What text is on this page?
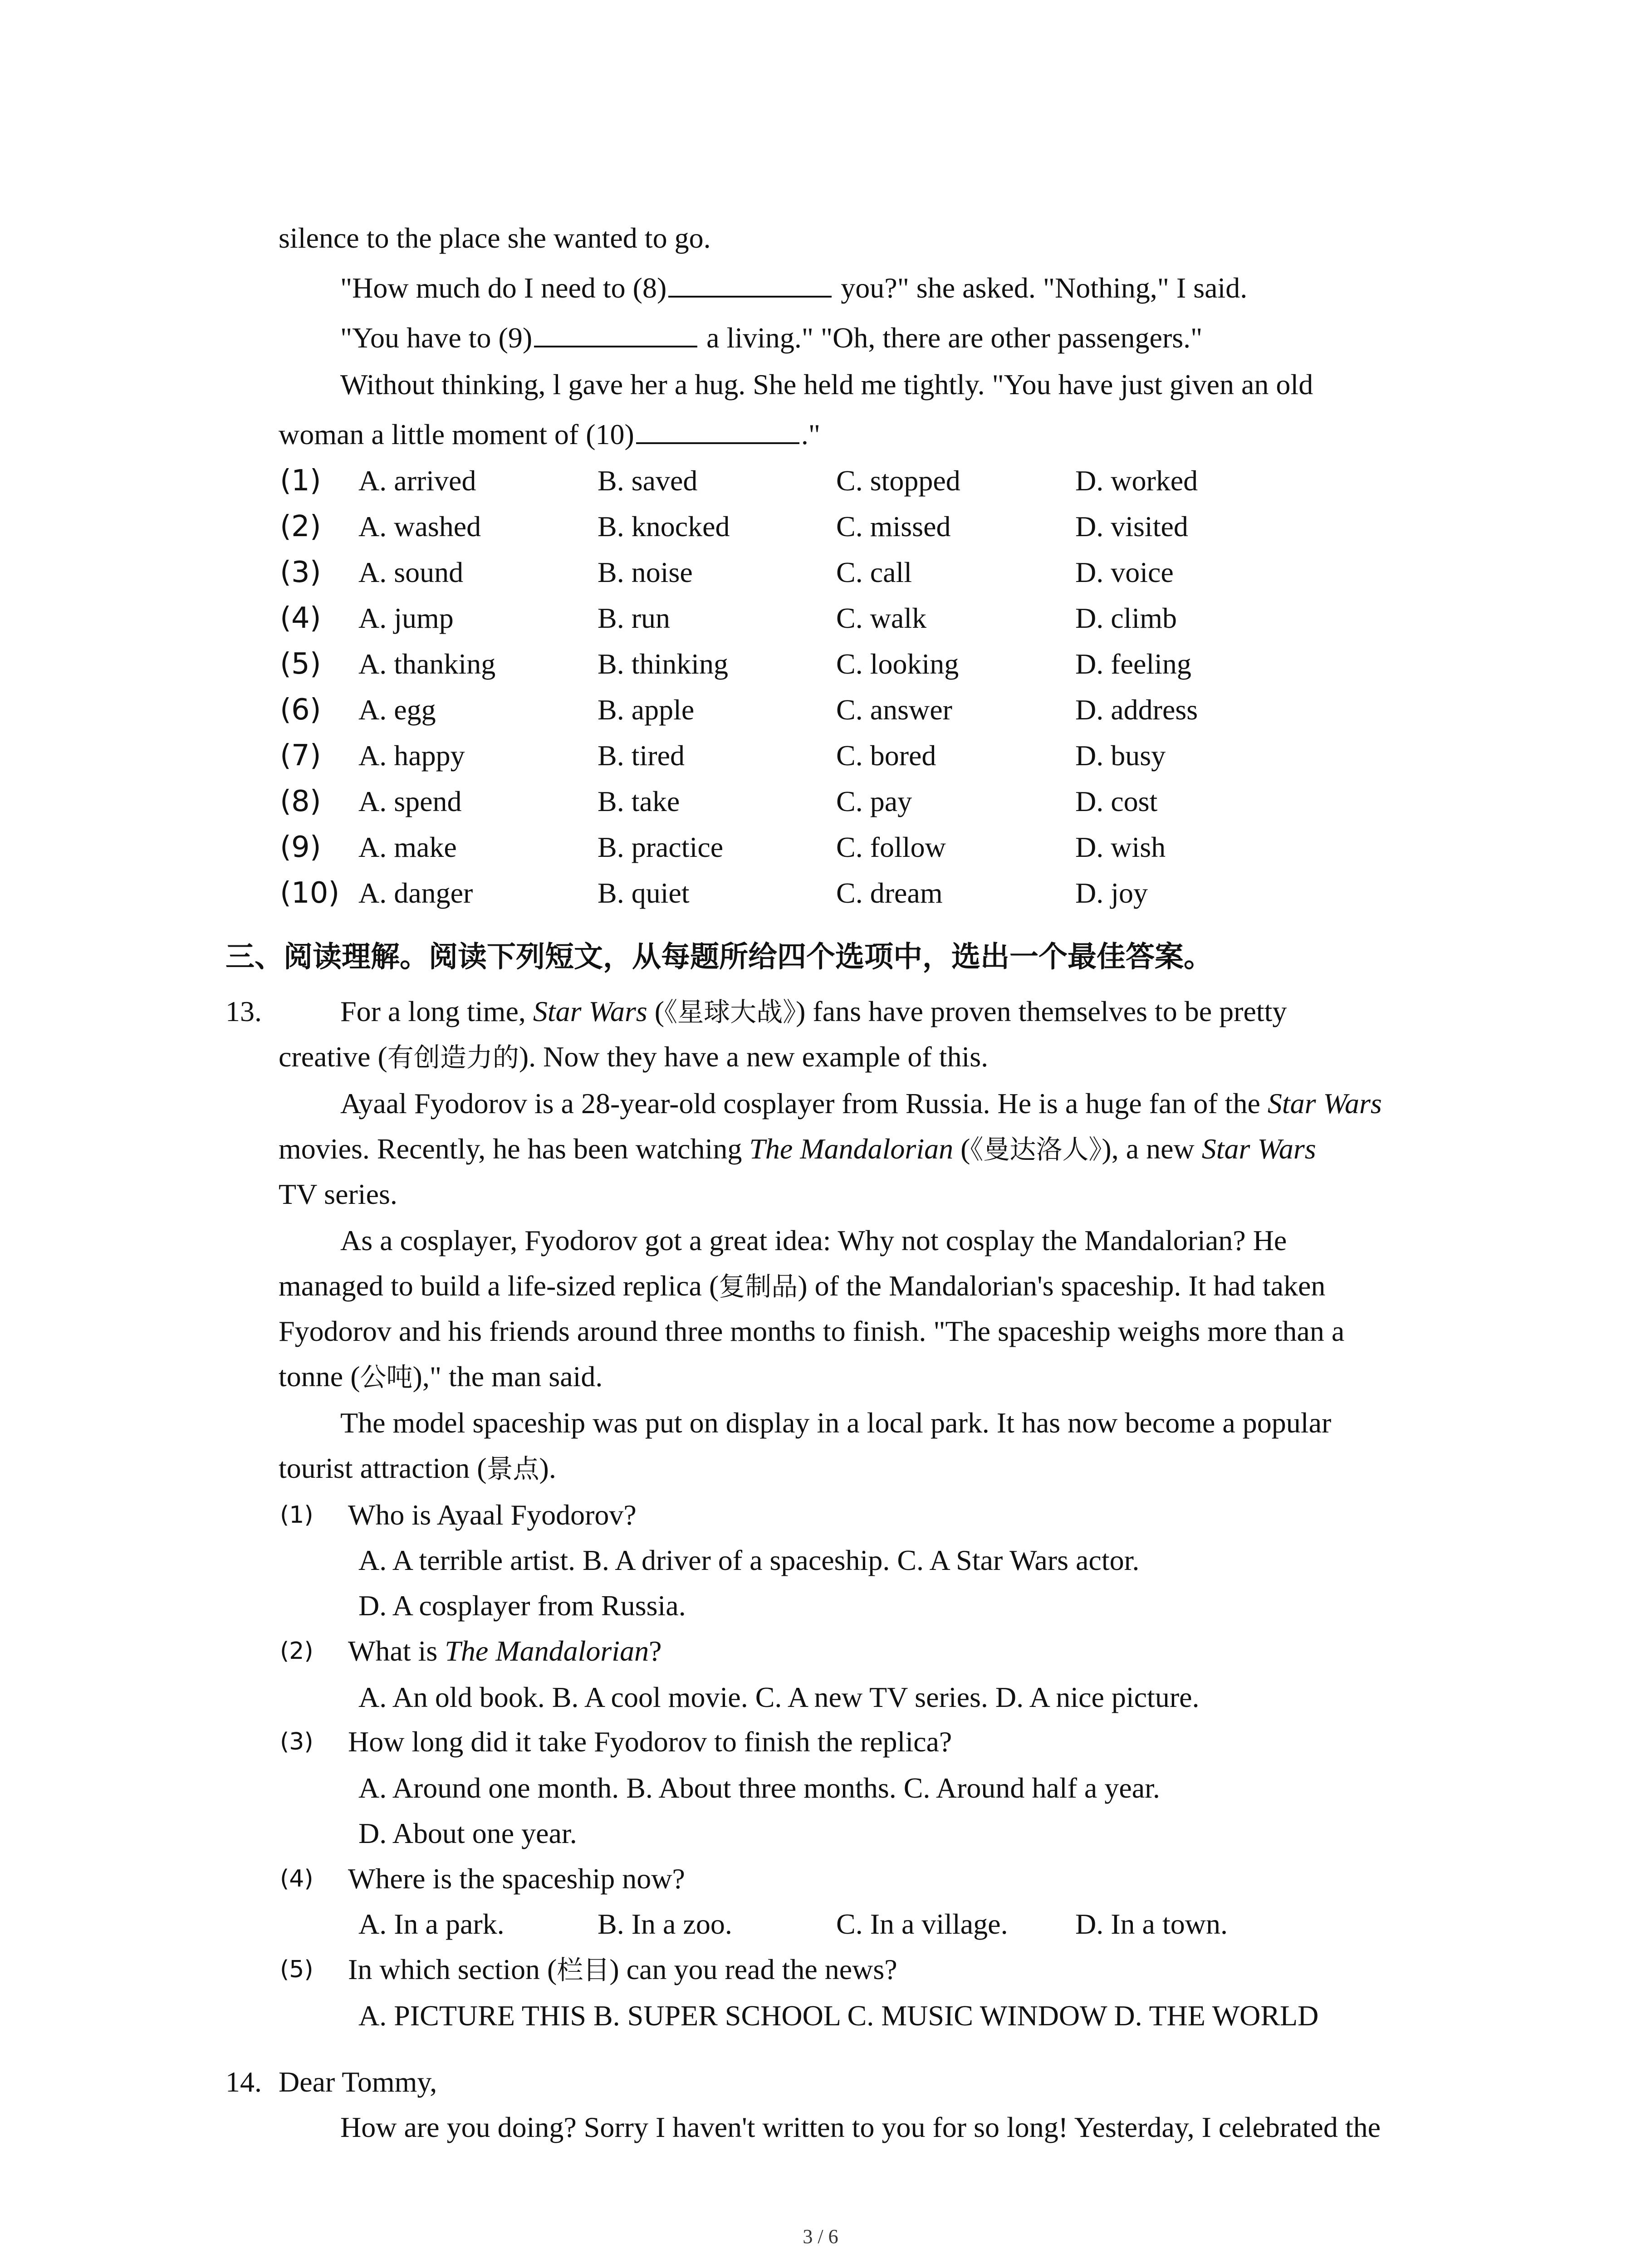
silence to the place she wanted to go.
"How much do I need to (8)	you?" she asked. "Nothing," I said.
"You have to (9)	a living." "Oh, there are other passengers."
Without thinking, l gave her a hug. She held me tightly. "You have just given an old
woman a little moment of (10)	."
(1) A. arrived	B. saved	C. stopped	D. worked
(2) A. washed	B. knocked	C. missed	D. visited
(3) A. sound	B. noise	C. call	D. voice
(4) A. jump	B. run	C. walk	D. climb
(5) A. thanking	B. thinking	C. looking	D. feeling
(6) A. egg	B. apple	C. answer	D. address
(7) A. happy	B. tired	C. bored	D. busy
(8) A. spend	B. take	C. pay	D. cost
(9) A. make	B. practice	C. follow	D. wish
(10) A. danger	B. quiet	C. dream	D. joy
三、阅读理解。阅读下列短文，从每题所给四个选项中，选出一个最佳答案。
13.	For a long time, Star Wars (《星球大战》) fans have proven themselves to be pretty
creative (有创造力的). Now they have a new example of this.
Ayaal Fyodorov is a 28-year-old cosplayer from Russia. He is a huge fan of the Star Wars
movies. Recently, he has been watching The Mandalorian (《曼达洛人》), a new Star Wars
TV series.
As a cosplayer, Fyodorov got a great idea: Why not cosplay the Mandalorian? He
managed to build a life-sized replica (复制品) of the Mandalorian's spaceship. It had taken
Fyodorov and his friends around three months to finish. "The spaceship weighs more than a
tonne (公吨)," the man said.
The model spaceship was put on display in a local park. It has now become a popular
tourist attraction (景点).
(1) Who is Ayaal Fyodorov?
A. A terrible artist. B. A driver of a spaceship. C. A Star Wars actor.
D. A cosplayer from Russia.
(2) What is The Mandalorian?
A. An old book. B. A cool movie. C. A new TV series. D. A nice picture.
(3) How long did it take Fyodorov to finish the replica?
A. Around one month. B. About three months. C. Around half a year.
D. About one year.
(4) Where is the spaceship now?
A. In a park.	B. In a zoo.	C. In a village. D. In a town.
(5) In which section (栏目) can you read the news?
A. PICTURE THIS B. SUPER SCHOOL C. MUSIC WINDOW D. THE WORLD
14. Dear Tommy,
How are you doing? Sorry I haven't written to you for so long! Yesterday, I celebrated the
3 / 6
